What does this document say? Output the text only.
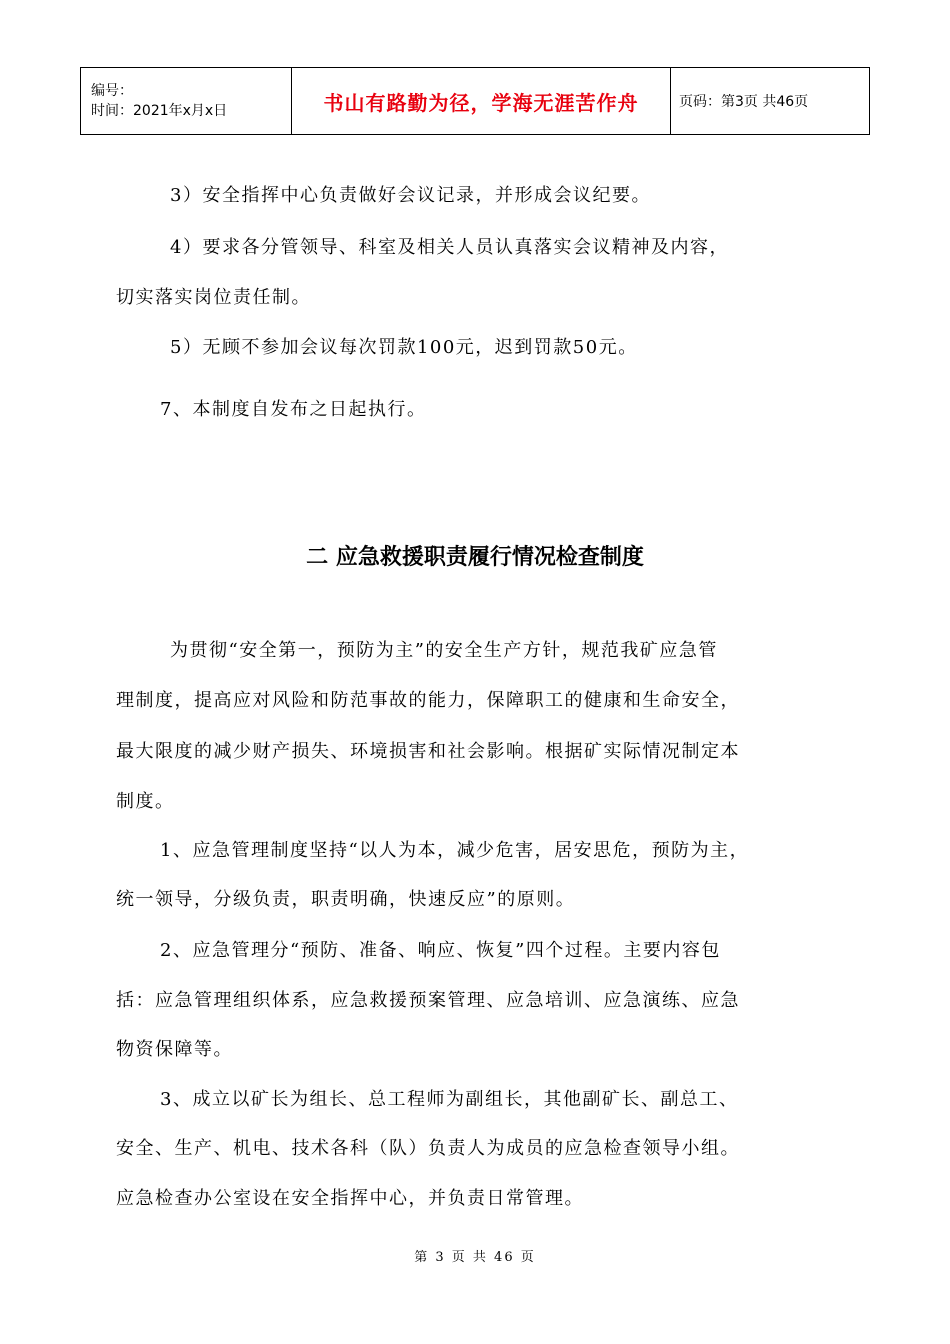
编号：
时间：2021年x月x日	书山有路勤为径，学海无涯苦作舟	页码：第3页 共46页
3）安全指挥中心负责做好会议记录，并形成会议纪要。
4）要求各分管领导、科室及相关人员认真落实会议精神及内容，
切实落实岗位责任制。
5）无顾不参加会议每次罚款100元，迟到罚款50元。
7、本制度自发布之日起执行。
二 应急救援职责履行情况检查制度
为贯彻“安全第一，预防为主”的安全生产方针，规范我矿应急管
理制度，提高应对风险和防范事故的能力，保障职工的健康和生命安全，
最大限度的减少财产损失、环境损害和社会影响。根据矿实际情况制定本
制度。
1、应急管理制度坚持“以人为本，减少危害，居安思危，预防为主，
统一领导，分级负责，职责明确，快速反应”的原则。
2、应急管理分“预防、准备、响应、恢复”四个过程。主要内容包
括：应急管理组织体系，应急救援预案管理、应急培训、应急演练、应急
物资保障等。
3、成立以矿长为组长、总工程师为副组长，其他副矿长、副总工、
安全、生产、机电、技术各科（队）负责人为成员的应急检查领导小组。
应急检查办公室设在安全指挥中心，并负责日常管理。
第 3 页 共 46 页
